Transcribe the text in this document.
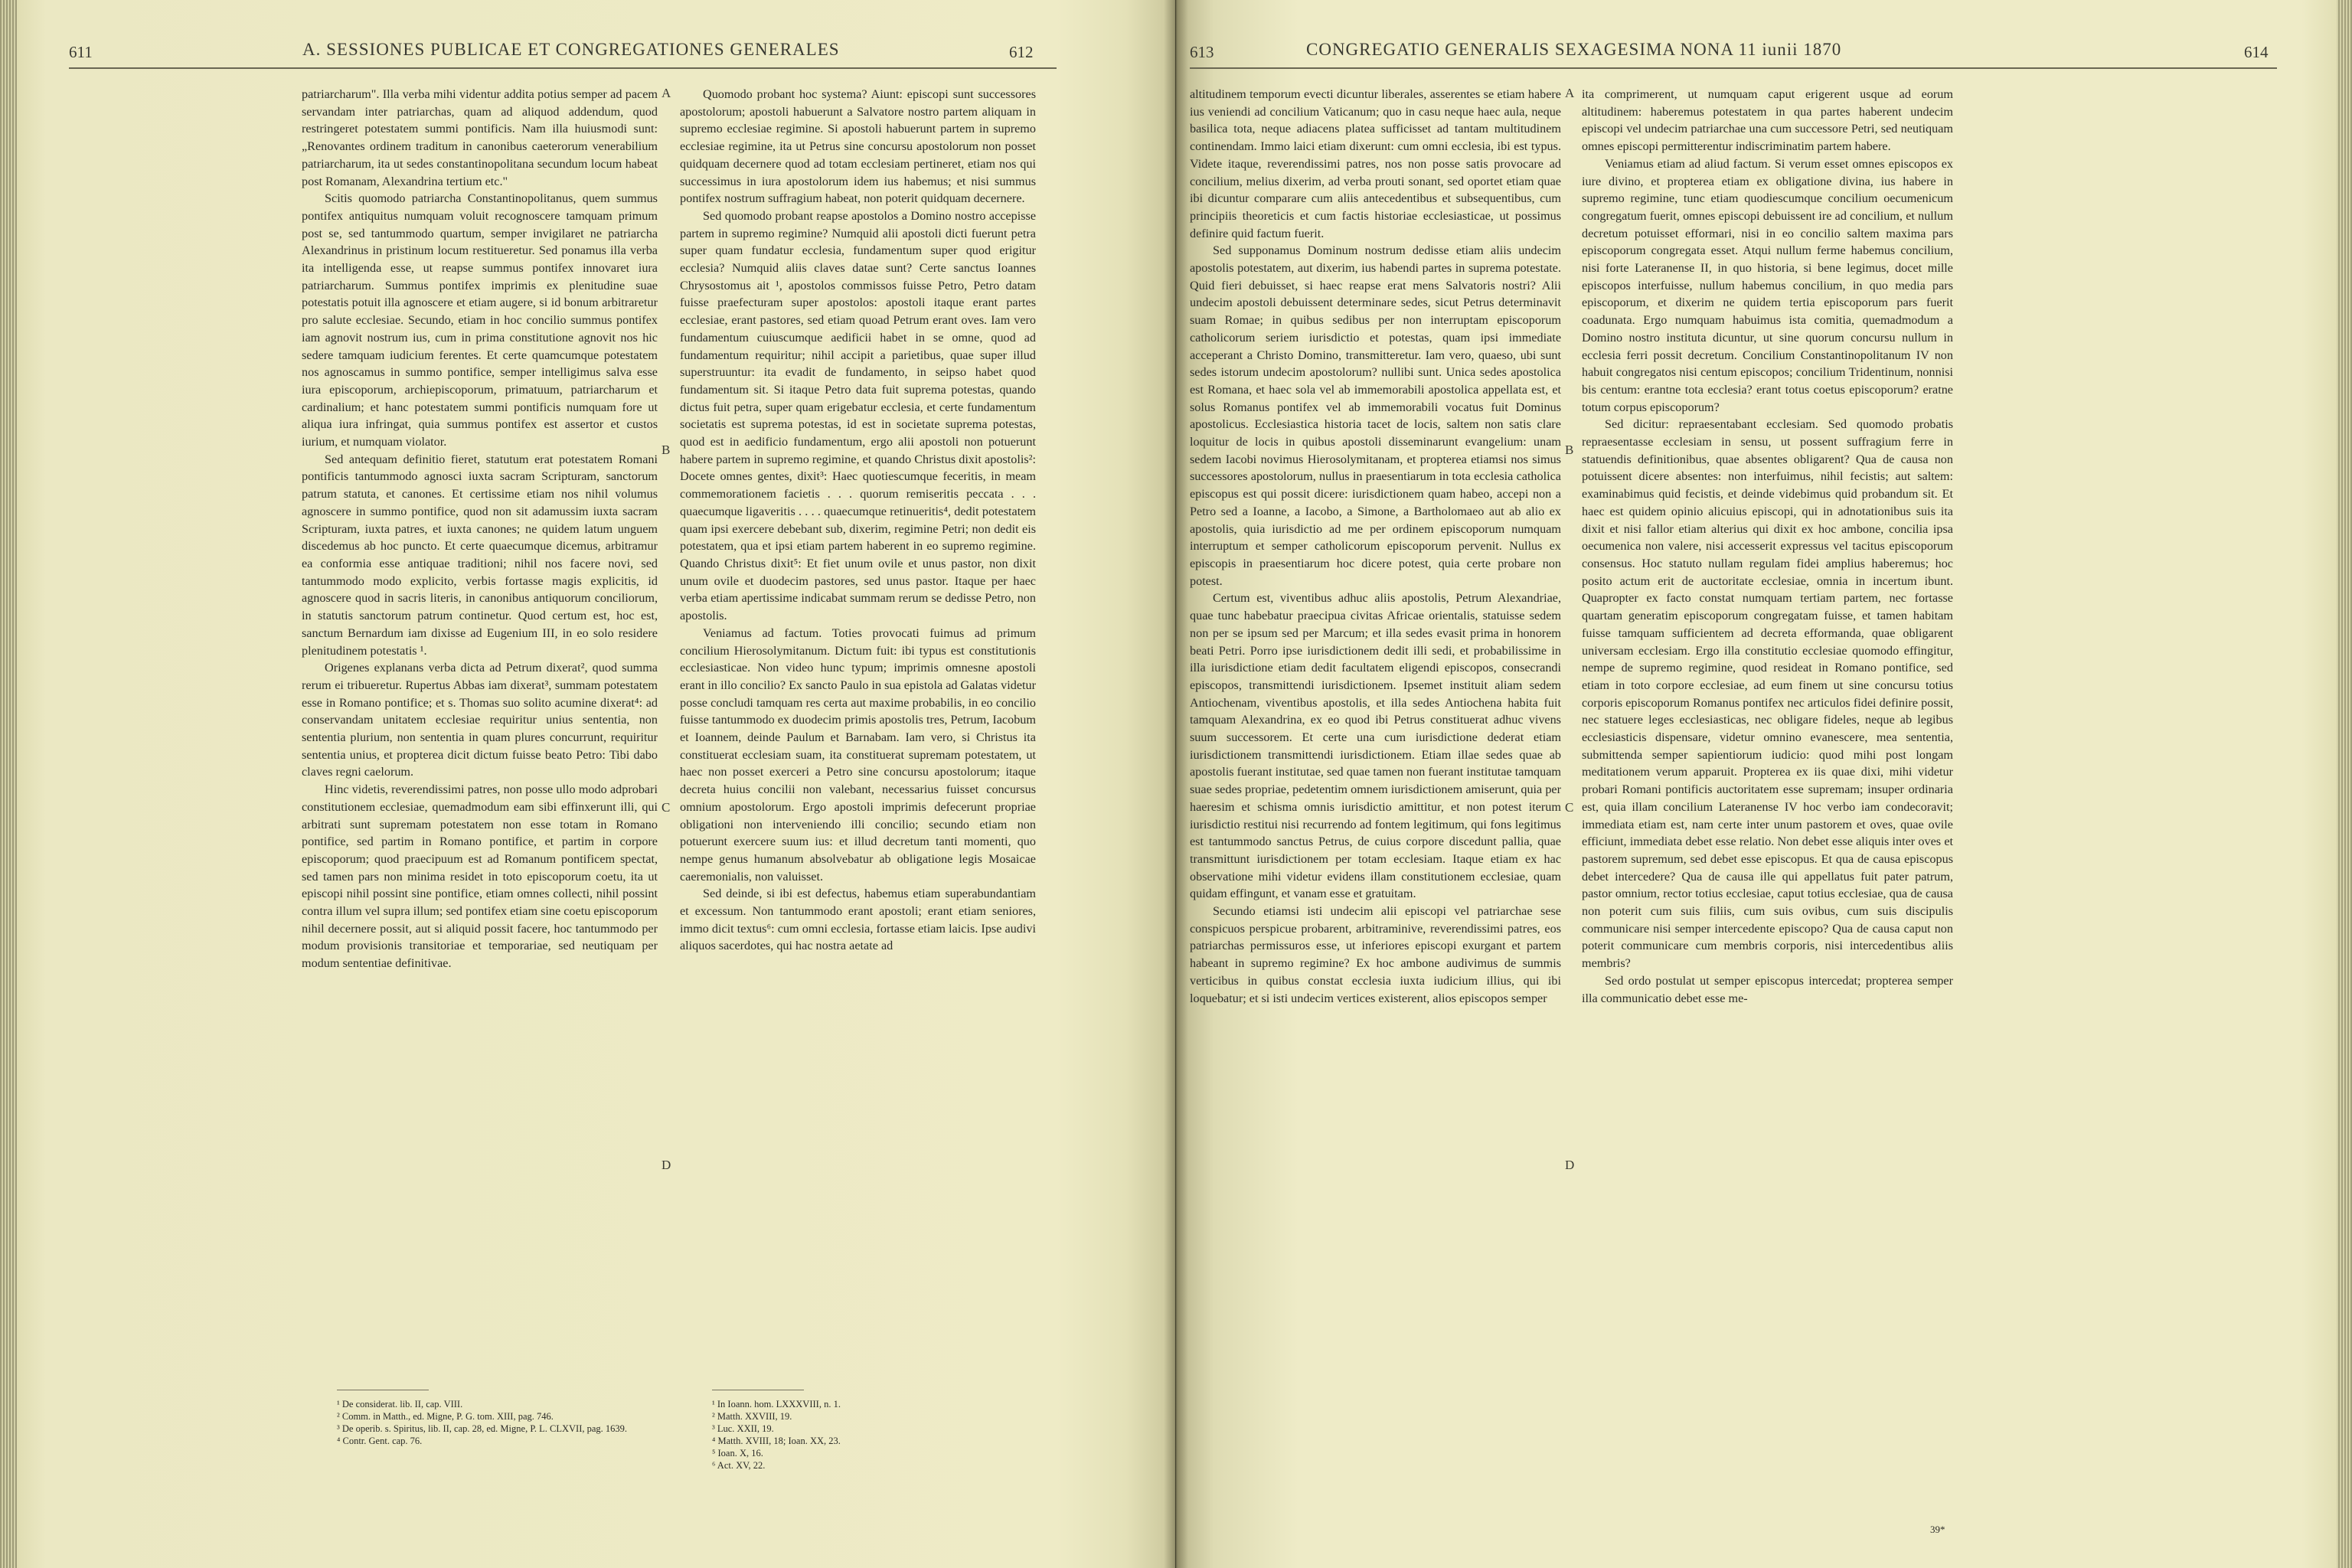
611	A. SESSIONES PUBLICAE ET CONGREGATIONES GENERALES	612

patriarcharum". Illa verba mihi videntur addita potius semper ad pacem servandam inter patriarchas, quam ad aliquod addendum, quod restringeret potestatem summi pontificis. Nam illa huiusmodi sunt: „Renovantes ordinem traditum in canonibus caeterorum venerabilium patriarcharum, ita ut sedes constantinopolitana secundum locum habeat post Romanam, Alexandrina tertium etc."

Scitis quomodo patriarcha Constantinopolitanus, quem summus pontifex antiquitus numquam voluit recognoscere tamquam primum post se, sed tantummodo quartum, semper invigilaret ne patriarcha Alexandrinus in pristinum locum restitueretur. Sed ponamus illa verba ita intelligenda esse, ut reapse summus pontifex innovaret iura patriarcharum. Summus pontifex imprimis ex plenitudine suae potestatis potuit illa agnoscere et etiam augere, si id bonum arbitraretur pro salute ecclesiae. Secundo, etiam in hoc concilio summus pontifex iam agnovit nostrum ius, cum in prima constitutione agnovit nos hic sedere tamquam iudicium ferentes. Et certe quamcumque potestatem nos agnoscamus in summo pontifice, semper intelligimus salva esse iura episcoporum, archiepiscoporum, primatuum, patriarcharum et cardinalium; et hanc potestatem summi pontificis numquam fore ut aliqua iura infringat, quia summus pontifex est assertor et custos iurium, et numquam violator.

Sed antequam definitio fieret, statutum erat potestatem Romani pontificis tantummodo agnosci iuxta sacram Scripturam, sanctorum patrum statuta, et canones. Et certissime etiam nos nihil volumus agnoscere in summo pontifice, quod non sit adamussim iuxta sacram Scripturam, iuxta patres, et iuxta canones; ne quidem latum unguem discedemus ab hoc puncto. Et certe quaecumque dicemus, arbitramur ea conformia esse antiquae traditioni; nihil nos facere novi, sed tantummodo modo explicito, verbis fortasse magis explicitis, id agnoscere quod in sacris literis, in canonibus antiquorum conciliorum, in statutis sanctorum patrum continetur. Quod certum est, hoc est, sanctum Bernardum iam dixisse ad Eugenium III, in eo solo residere plenitudinem potestatis ¹.

Origenes explanans verba dicta ad Petrum dixerat², quod summa rerum ei tribueretur. Rupertus Abbas iam dixerat³, summam potestatem esse in Romano pontifice; et s. Thomas suo solito acumine dixerat⁴: ad conservandam unitatem ecclesiae requiritur unius sententia, non sententia plurium, non sententia in quam plures concurrunt, requiritur sententia unius, et propterea dicit dictum fuisse beato Petro: Tibi dabo claves regni caelorum.

Hinc videtis, reverendissimi patres, non posse ullo modo adprobari constitutionem ecclesiae, quemadmodum eam sibi effinxerunt illi, qui arbitrati sunt supremam potestatem non esse totam in Romano pontifice, sed partim in Romano pontifice, et partim in corpore episcoporum; quod praecipuum est ad Romanum pontificem spectat, sed tamen pars non minima residet in toto episcoporum coetu, ita ut episcopi nihil possint sine pontifice, etiam omnes collecti, nihil possint contra illum vel supra illum; sed pontifex etiam sine coetu episcoporum nihil decernere possit, aut si aliquid possit facere, hoc tantummodo per modum provisionis transitoriae et temporariae, sed neutiquam per modum sententiae definitivae.

A
B
C
D

Quomodo probant hoc systema? Aiunt: episcopi sunt successores apostolorum; apostoli habuerunt a Salvatore nostro partem aliquam in supremo ecclesiae regimine. Si apostoli habuerunt partem in supremo ecclesiae regimine, ita ut Petrus sine concursu apostolorum non posset quidquam decernere quod ad totam ecclesiam pertineret, etiam nos qui successimus in iura apostolorum idem ius habemus; et nisi summus pontifex nostrum suffragium habeat, non poterit quidquam decernere.

Sed quomodo probant reapse apostolos a Domino nostro accepisse partem in supremo regimine? Numquid alii apostoli dicti fuerunt petra super quam fundatur ecclesia, fundamentum super quod erigitur ecclesia? Numquid aliis claves datae sunt? Certe sanctus Ioannes Chrysostomus ait ¹, apostolos commissos fuisse Petro, Petro datam fuisse praefecturam super apostolos: apostoli itaque erant partes ecclesiae, erant pastores, sed etiam quoad Petrum erant oves. Iam vero fundamentum cuiuscumque aedificii habet in se omne, quod ad fundamentum requiritur; nihil accipit a parietibus, quae super illud superstruuntur: ita evadit de fundamento, in seipso habet quod fundamentum sit. Si itaque Petro data fuit suprema potestas, quando dictus fuit petra, super quam erigebatur ecclesia, et certe fundamentum societatis est suprema potestas, id est in societate suprema potestas, quod est in aedificio fundamentum, ergo alii apostoli non potuerunt habere partem in supremo regimine, et quando Christus dixit apostolis²: Docete omnes gentes, dixit³: Haec quotiescumque feceritis, in meam commemorationem facietis . . . quorum remiseritis peccata . . . quaecumque ligaveritis . . . . quaecumque retinueritis⁴, dedit potestatem quam ipsi exercere debebant sub, dixerim, regimine Petri; non dedit eis potestatem, qua et ipsi etiam partem haberent in eo supremo regimine. Quando Christus dixit⁵: Et fiet unum ovile et unus pastor, non dixit unum ovile et duodecim pastores, sed unus pastor. Itaque per haec verba etiam apertissime indicabat summam rerum se dedisse Petro, non apostolis.

Veniamus ad factum. Toties provocati fuimus ad primum concilium Hierosolymitanum. Dictum fuit: ibi typus est constitutionis ecclesiasticae. Non video hunc typum; imprimis omnesne apostoli erant in illo concilio? Ex sancto Paulo in sua epistola ad Galatas videtur posse concludi tamquam res certa aut maxime probabilis, in eo concilio fuisse tantummodo ex duodecim primis apostolis tres, Petrum, Iacobum et Ioannem, deinde Paulum et Barnabam. Iam vero, si Christus ita constituerat ecclesiam suam, ita constituerat supremam potestatem, ut haec non posset exerceri a Petro sine concursu apostolorum; itaque decreta huius concilii non valebant, necessarius fuisset concursus omnium apostolorum. Ergo apostoli imprimis defecerunt propriae obligationi non interveniendo illi concilio; secundo etiam non potuerunt exercere suum ius: et illud decretum tanti momenti, quo nempe genus humanum absolvebatur ab obligatione legis Mosaicae caeremonialis, non valuisset.

Sed deinde, si ibi est defectus, habemus etiam superabundantiam et excessum. Non tantummodo erant apostoli; erant etiam seniores, immo dicit textus⁶: cum omni ecclesia, fortasse etiam laicis. Ipse audivi aliquos sacerdotes, qui hac nostra aetate ad

¹ De considerat. lib. II, cap. VIII.
² Comm. in Matth., ed. Migne, P. G. tom. XIII, pag. 746.
³ De operib. s. Spiritus, lib. II, cap. 28, ed. Migne, P. L. CLXVII, pag. 1639.
⁴ Contr. Gent. cap. 76.
¹ In Ioann. hom. LXXXVIII, n. 1.
² Matth. XXVIII, 19.
³ Luc. XXII, 19.
⁴ Matth. XVIII, 18; Ioan. XX, 23.
⁵ Ioan. X, 16.
⁶ Act. XV, 22.
613	CONGREGATIO GENERALIS SEXAGESIMA NONA 11 iunii 1870	614

altitudinem temporum evecti dicuntur liberales, asserentes se etiam habere ius veniendi ad concilium Vaticanum; quo in casu neque haec aula, neque basilica tota, neque adiacens platea sufficisset ad tantam multitudinem continendam. Immo laici etiam dixerunt: cum omni ecclesia, ibi est typus. Videte itaque, reverendissimi patres, nos non posse satis provocare ad concilium, melius dixerim, ad verba prouti sonant, sed oportet etiam quae ibi dicuntur comparare cum aliis antecedentibus et subsequentibus, cum principiis theoreticis et cum factis historiae ecclesiasticae, ut possimus definire quid factum fuerit.

Sed supponamus Dominum nostrum dedisse etiam aliis undecim apostolis potestatem, aut dixerim, ius habendi partes in suprema potestate. Quid fieri debuisset, si haec reapse erat mens Salvatoris nostri? Alii undecim apostoli debuissent determinare sedes, sicut Petrus determinavit suam Romae; in quibus sedibus per non interruptam episcoporum catholicorum seriem iurisdictio et potestas, quam ipsi immediate acceperant a Christo Domino, transmitteretur. Iam vero, quaeso, ubi sunt sedes istorum undecim apostolorum? nullibi sunt. Unica sedes apostolica est Romana, et haec sola vel ab immemorabili apostolica appellata est, et solus Romanus pontifex vel ab immemorabili vocatus fuit Dominus apostolicus. Ecclesiastica historia tacet de locis, saltem non satis clare loquitur de locis in quibus apostoli disseminarunt evangelium: unam sedem Iacobi novimus Hierosolymitanam, et propterea etiamsi nos simus successores apostolorum, nullus in praesentiarum in tota ecclesia catholica episcopus est qui possit dicere: iurisdictionem quam habeo, accepi non a Petro sed a Ioanne, a Iacobo, a Simone, a Bartholomaeo aut ab alio ex apostolis, quia iurisdictio ad me per ordinem episcoporum numquam interruptum et semper catholicorum episcoporum pervenit. Nullus ex episcopis in praesentiarum hoc dicere potest, quia certe probare non potest.

Certum est, viventibus adhuc aliis apostolis, Petrum Alexandriae, quae tunc habebatur praecipua civitas Africae orientalis, statuisse sedem non per se ipsum sed per Marcum; et illa sedes evasit prima in honorem beati Petri. Porro ipse iurisdictionem dedit illi sedi, et probabilissime in illa iurisdictione etiam dedit facultatem eligendi episcopos, consecrandi episcopos, transmittendi iurisdictionem. Ipsemet instituit aliam sedem Antiochenam, viventibus apostolis, et illa sedes Antiochena habita fuit tamquam Alexandrina, ex eo quod ibi Petrus constituerat adhuc vivens suum successorem. Et certe una cum iurisdictione dederat etiam iurisdictionem transmittendi iurisdictionem. Etiam illae sedes quae ab apostolis fuerant institutae, sed quae tamen non fuerant institutae tamquam suae sedes propriae, pedetentim omnem iurisdictionem amiserunt, quia per haeresim et schisma omnis iurisdictio amittitur, et non potest iterum iurisdictio restitui nisi recurrendo ad fontem legitimum, qui fons legitimus est tantummodo sanctus Petrus, de cuius corpore discedunt pallia, quae transmittunt iurisdictionem per totam ecclesiam. Itaque etiam ex hac observatione mihi videtur evidens illam constitutionem ecclesiae, quam quidam effingunt, et vanam esse et gratuitam.

Secundo etiamsi isti undecim alii episcopi vel patriarchae sese conspicuos perspicue probarent, arbitraminive, reverendissimi patres, eos patriarchas permissuros esse, ut inferiores episcopi exurgant et partem habeant in supremo regimine? Ex hoc ambone audivimus de summis verticibus in quibus constat ecclesia iuxta iudicium illius, qui ibi loquebatur; et si isti undecim vertices existerent, alios episcopos semper

A
B
C
D

ita comprimerent, ut numquam caput erigerent usque ad eorum altitudinem: haberemus potestatem in qua partes haberent undecim episcopi vel undecim patriarchae una cum successore Petri, sed neutiquam omnes episcopi permitterentur indiscriminatim partem habere.

Veniamus etiam ad aliud factum. Si verum esset omnes episcopos ex iure divino, et propterea etiam ex obligatione divina, ius habere in supremo regimine, tunc etiam quodiescumque concilium oecumenicum congregatum fuerit, omnes episcopi debuissent ire ad concilium, et nullum decretum potuisset efformari, nisi in eo concilio saltem maxima pars episcoporum congregata esset. Atqui nullum ferme habemus concilium, nisi forte Lateranense II, in quo historia, si bene legimus, docet mille episcopos interfuisse, nullum habemus concilium, in quo media pars episcoporum, et dixerim ne quidem tertia episcoporum pars fuerit coadunata. Ergo numquam habuimus ista comitia, quemadmodum a Domino nostro instituta dicuntur, ut sine quorum concursu nullum in ecclesia ferri possit decretum. Concilium Constantinopolitanum IV non habuit congregatos nisi centum episcopos; concilium Tridentinum, nonnisi bis centum: erantne tota ecclesia? erant totus coetus episcoporum? eratne totum corpus episcoporum?

Sed dicitur: repraesentabant ecclesiam. Sed quomodo probatis repraesentasse ecclesiam in sensu, ut possent suffragium ferre in statuendis definitionibus, quae absentes obligarent? Qua de causa non potuissent dicere absentes: non interfuimus, nihil fecistis; aut saltem: examinabimus quid fecistis, et deinde videbimus quid probandum sit. Et haec est quidem opinio alicuius episcopi, qui in adnotationibus suis ita dixit et nisi fallor etiam alterius qui dixit ex hoc ambone, concilia ipsa oecumenica non valere, nisi accesserit expressus vel tacitus episcoporum consensus. Hoc statuto nullam regulam fidei amplius haberemus; hoc posito actum erit de auctoritate ecclesiae, omnia in incertum ibunt. Quapropter ex facto constat numquam tertiam partem, nec fortasse quartam generatim episcoporum congregatam fuisse, et tamen habitam fuisse tamquam sufficientem ad decreta efformanda, quae obligarent universam ecclesiam. Ergo illa constitutio ecclesiae quomodo effingitur, nempe de supremo regimine, quod resideat in Romano pontifice, sed etiam in toto corpore ecclesiae, ad eum finem ut sine concursu totius corporis episcoporum Romanus pontifex nec articulos fidei definire possit, nec statuere leges ecclesiasticas, nec obligare fideles, neque ab legibus ecclesiasticis dispensare, videtur omnino evanescere, mea sententia, submittenda semper sapientiorum iudicio: quod mihi post longam meditationem verum apparuit. Propterea ex iis quae dixi, mihi videtur probari Romani pontificis auctoritatem esse supremam; insuper ordinaria est, quia illam concilium Lateranense IV hoc verbo iam condecoravit; immediata etiam est, nam certe inter unum pastorem et oves, quae ovile efficiunt, immediata debet esse relatio. Non debet esse aliquis inter oves et pastorem supremum, sed debet esse episcopus. Et qua de causa episcopus debet intercedere? Qua de causa ille qui appellatus fuit pater patrum, pastor omnium, rector totius ecclesiae, caput totius ecclesiae, qua de causa non poterit cum suis filiis, cum suis ovibus, cum suis discipulis communicare nisi semper intercedente episcopo? Qua de causa caput non poterit communicare cum membris corporis, nisi intercedentibus aliis membris?

Sed ordo postulat ut semper episcopus intercedat; propterea semper illa communicatio debet esse me-

39*
